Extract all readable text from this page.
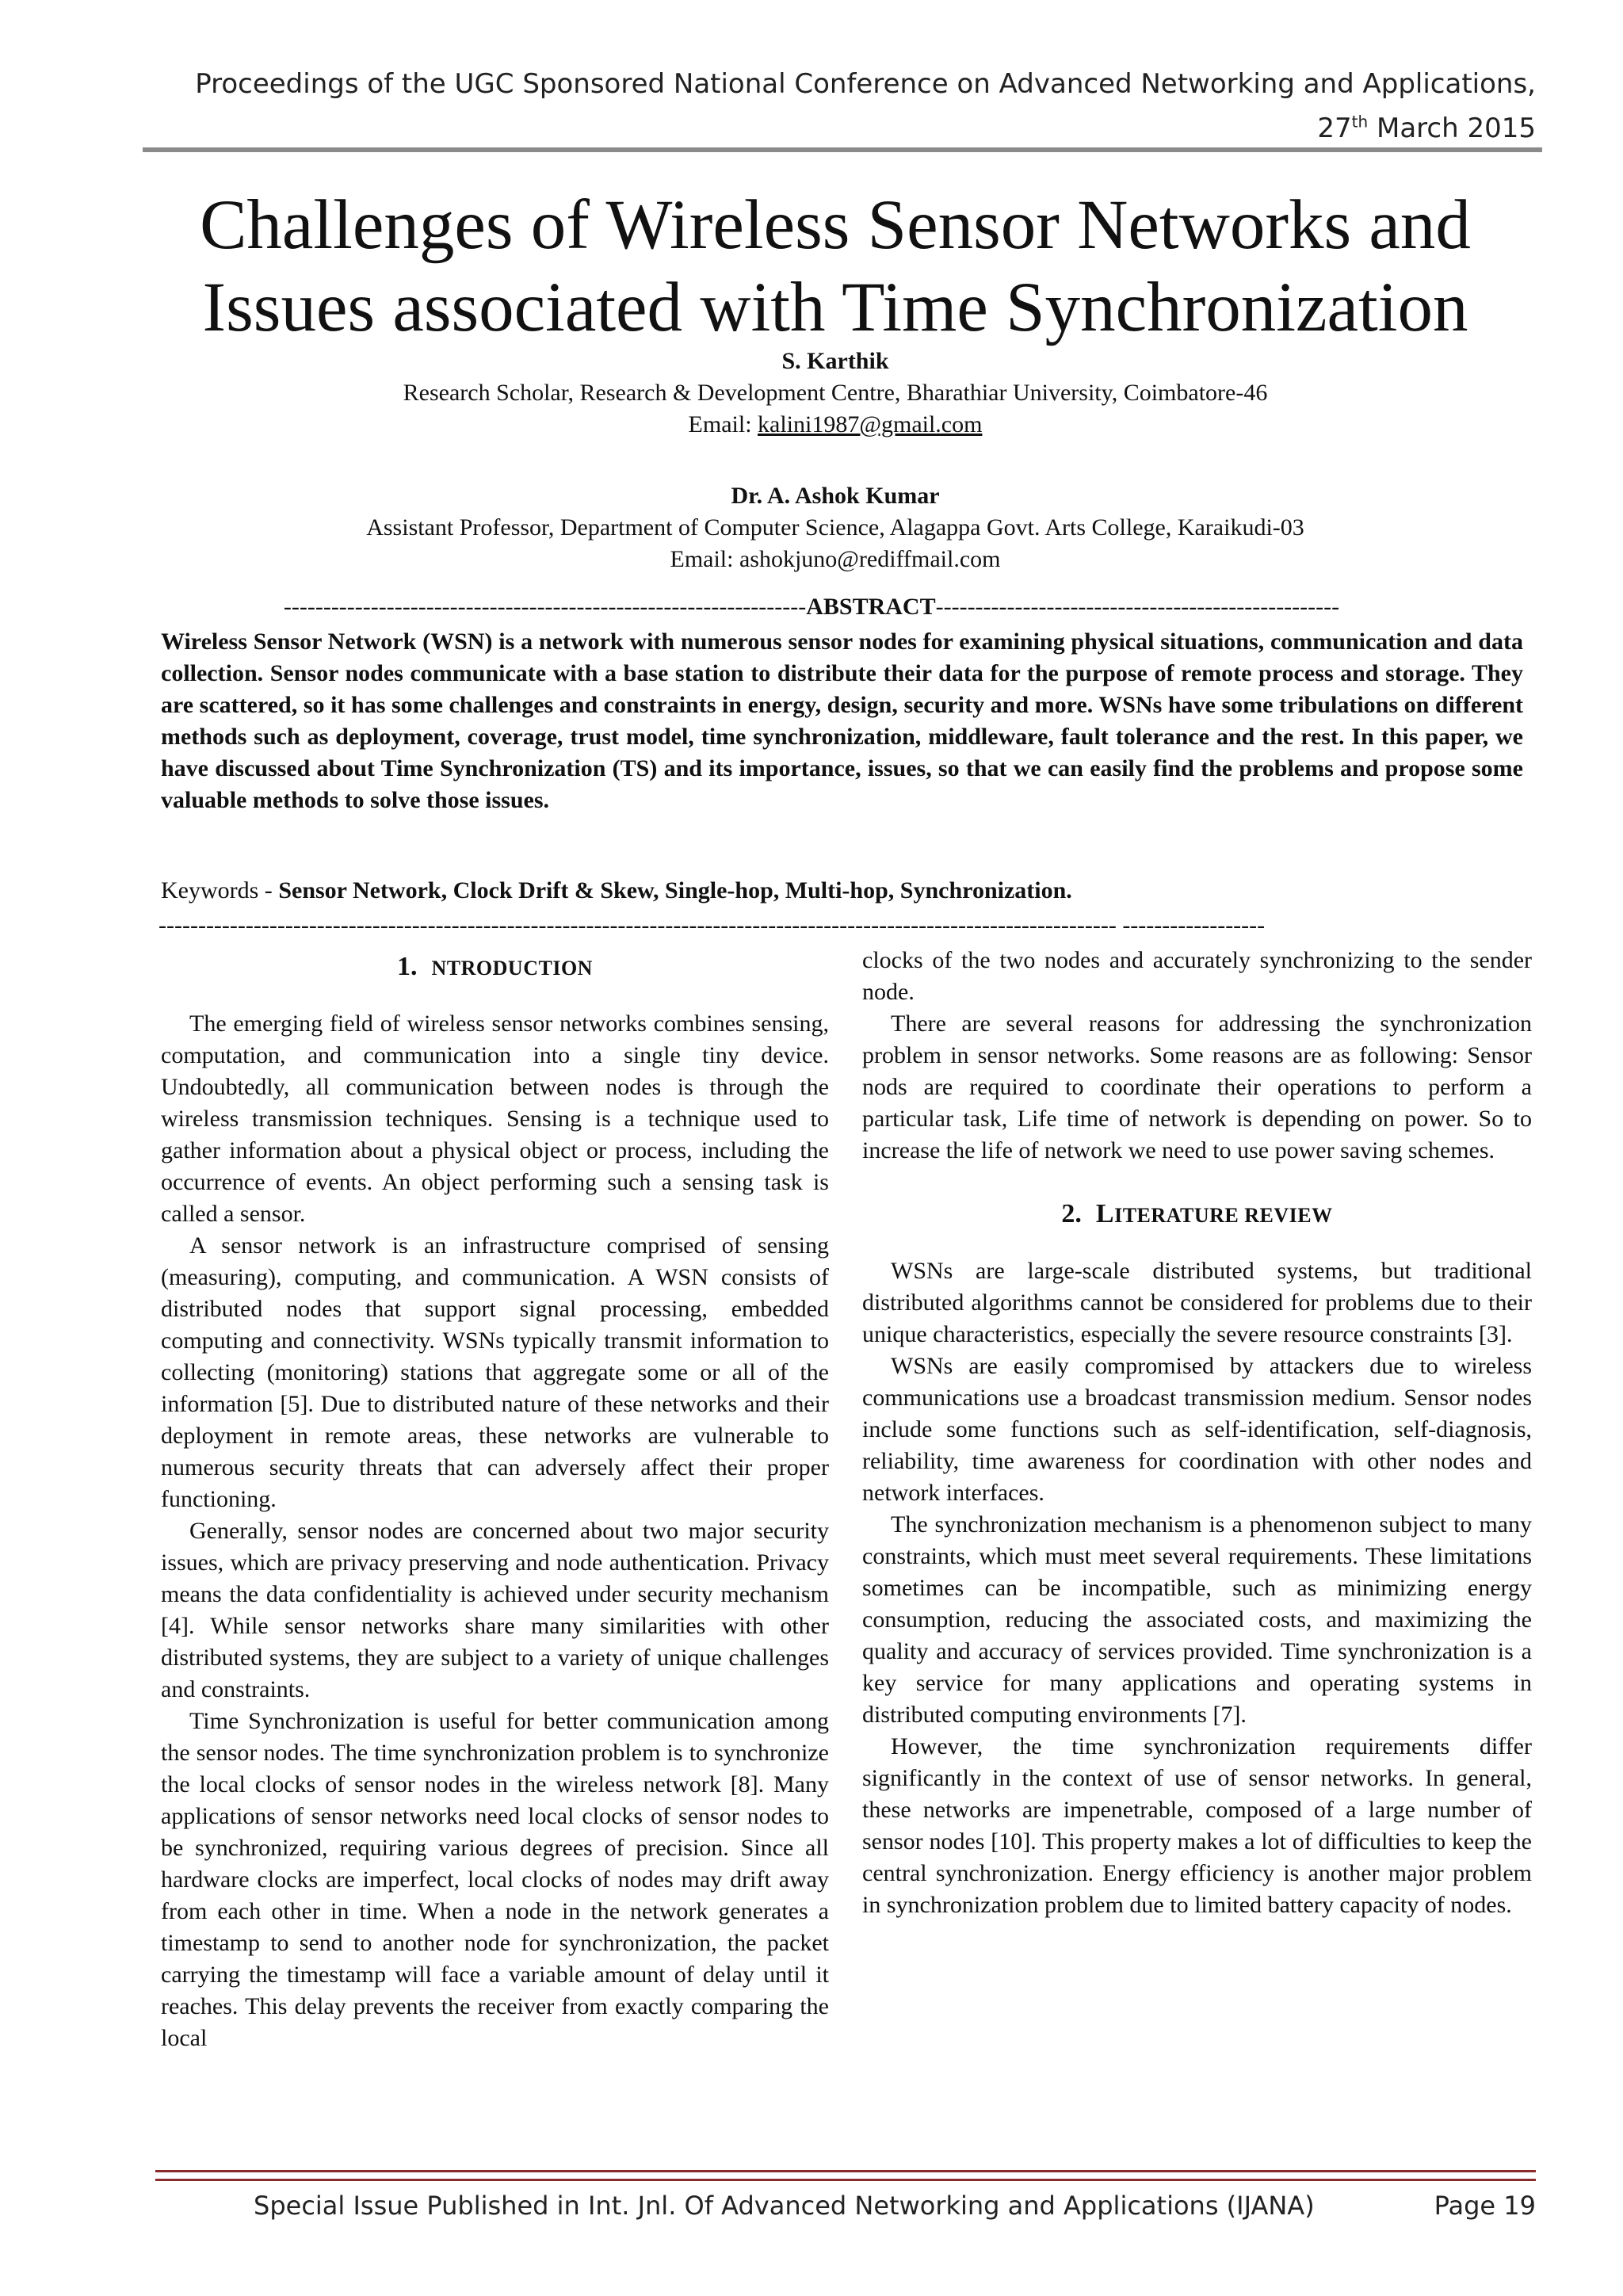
Proceedings of the UGC Sponsored National Conference on Advanced Networking and Applications,
27th March 2015
Challenges of Wireless Sensor Networks and
Issues associated with Time Synchronization
S. Karthik
Research Scholar, Research & Development Centre, Bharathiar University, Coimbatore-46
Email: kalini1987@gmail.com
Dr. A. Ashok Kumar
Assistant Professor, Department of Computer Science, Alagappa Govt. Arts College, Karaikudi-03
Email: ashokjuno@rediffmail.com
------------------------------------------------------------------ABSTRACT---------------------------------------------------
Wireless Sensor Network (WSN) is a network with numerous sensor nodes for examining physical situations, communication and data collection. Sensor nodes communicate with a base station to distribute their data for the purpose of remote process and storage. They are scattered, so it has some challenges and constraints in energy, design, security and more. WSNs have some tribulations on different methods such as deployment, coverage, trust model, time synchronization, middleware, fault tolerance and the rest. In this paper, we have discussed about Time Synchronization (TS) and its importance, issues, so that we can easily find the problems and propose some valuable methods to solve those issues.
Keywords - Sensor Network, Clock Drift & Skew, Single-hop, Multi-hop, Synchronization.
------------------------------------------------------------------------------------------------------------------------- ------------------
1. NTRODUCTION

The emerging field of wireless sensor networks combines sensing, computation, and communication into a single tiny device. Undoubtedly, all communication between nodes is through the wireless transmission techniques. Sensing is a technique used to gather information about a physical object or process, including the occurrence of events. An object performing such a sensing task is called a sensor.

A sensor network is an infrastructure comprised of sensing (measuring), computing, and communication. A WSN consists of distributed nodes that support signal processing, embedded computing and connectivity. WSNs typically transmit information to collecting (monitoring) stations that aggregate some or all of the information [5]. Due to distributed nature of these networks and their deployment in remote areas, these networks are vulnerable to numerous security threats that can adversely affect their proper functioning.

Generally, sensor nodes are concerned about two major security issues, which are privacy preserving and node authentication. Privacy means the data confidentiality is achieved under security mechanism [4]. While sensor networks share many similarities with other distributed systems, they are subject to a variety of unique challenges and constraints.

Time Synchronization is useful for better communication among the sensor nodes. The time synchronization problem is to synchronize the local clocks of sensor nodes in the wireless network [8]. Many applications of sensor networks need local clocks of sensor nodes to be synchronized, requiring various degrees of precision. Since all hardware clocks are imperfect, local clocks of nodes may drift away from each other in time. When a node in the network generates a timestamp to send to another node for synchronization, the packet carrying the timestamp will face a variable amount of delay until it reaches. This delay prevents the receiver from exactly comparing the local

clocks of the two nodes and accurately synchronizing to the sender node.

There are several reasons for addressing the synchronization problem in sensor networks. Some reasons are as following: Sensor nods are required to coordinate their operations to perform a particular task, Life time of network is depending on power. So to increase the life of network we need to use power saving schemes.

2. LITERATURE REVIEW

WSNs are large-scale distributed systems, but traditional distributed algorithms cannot be considered for problems due to their unique characteristics, especially the severe resource constraints [3].

WSNs are easily compromised by attackers due to wireless communications use a broadcast transmission medium. Sensor nodes include some functions such as self-identification, self-diagnosis, reliability, time awareness for coordination with other nodes and network interfaces.

The synchronization mechanism is a phenomenon subject to many constraints, which must meet several requirements. These limitations sometimes can be incompatible, such as minimizing energy consumption, reducing the associated costs, and maximizing the quality and accuracy of services provided. Time synchronization is a key service for many applications and operating systems in distributed computing environments [7].

However, the time synchronization requirements differ significantly in the context of use of sensor networks. In general, these networks are impenetrable, composed of a large number of sensor nodes [10]. This property makes a lot of difficulties to keep the central synchronization. Energy efficiency is another major problem in synchronization problem due to limited battery capacity of nodes.

Special Issue Published in Int. Jnl. Of Advanced Networking and Applications (IJANA)	Page 19
